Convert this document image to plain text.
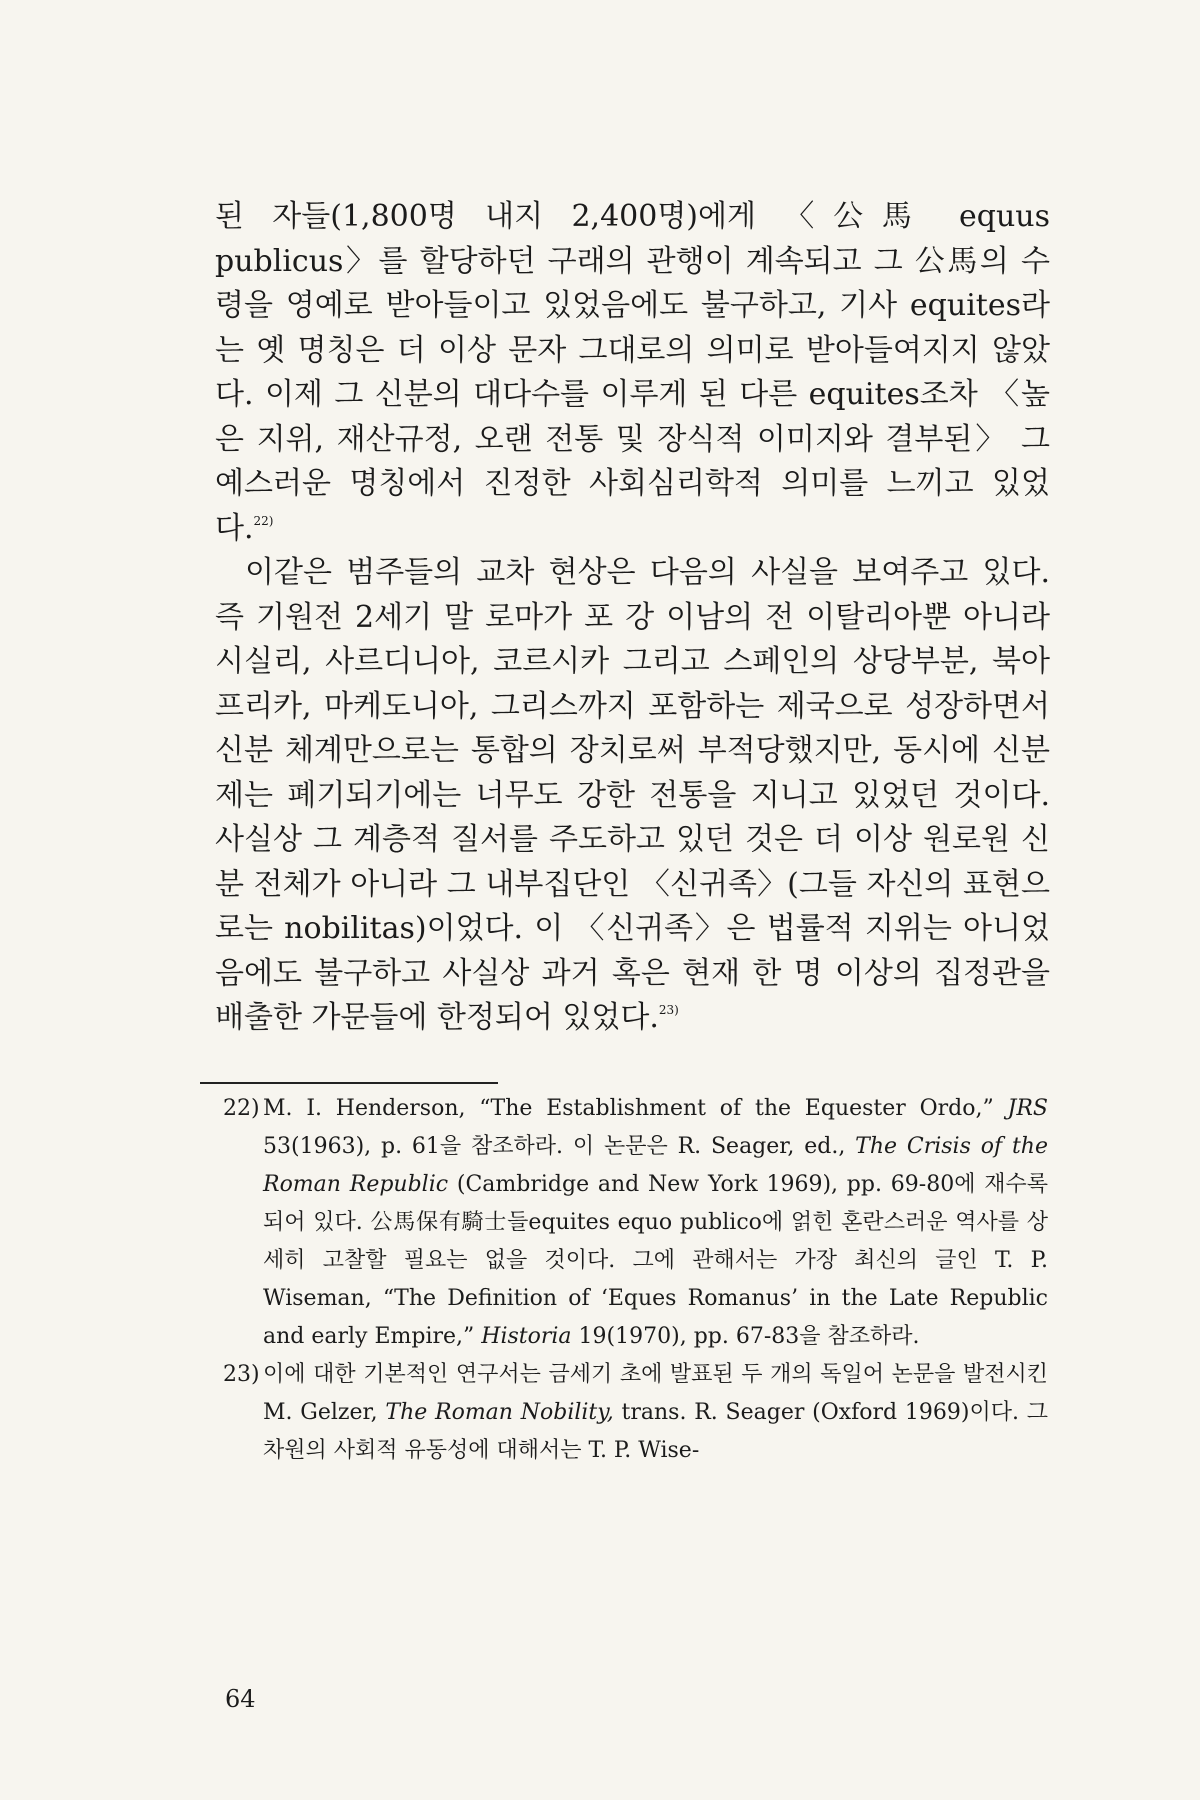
된 자들(1,800명 내지 2,400명)에게 〈公馬 equus publicus〉를 할당하던 구래의 관행이 계속되고 그 公馬의 수령을 영예로 받아들이고 있었음에도 불구하고, 기사 equites라는 옛 명칭은 더 이상 문자 그대로의 의미로 받아들여지지 않았다. 이제 그 신분의 대다수를 이루게 된 다른 equites조차 〈높은 지위, 재산규정, 오랜 전통 및 장식적 이미지와 결부된〉 그 예스러운 명칭에서 진정한 사회심리학적 의미를 느끼고 있었다.$^{22)}$

이같은 범주들의 교차 현상은 다음의 사실을 보여주고 있다. 즉 기원전 2세기 말 로마가 포 강 이남의 전 이탈리아뿐 아니라 시실리, 사르디니아, 코르시카 그리고 스페인의 상당부분, 북아프리카, 마케도니아, 그리스까지 포함하는 제국으로 성장하면서 신분 체계만으로는 통합의 장치로써 부적당했지만, 동시에 신분제는 폐기되기에는 너무도 강한 전통을 지니고 있었던 것이다. 사실상 그 계층적 질서를 주도하고 있던 것은 더 이상 원로원 신분 전체가 아니라 그 내부집단인 〈신귀족〉(그들 자신의 표현으로는 nobilitas)이었다. 이 〈신귀족〉은 법률적 지위는 아니었음에도 불구하고 사실상 과거 혹은 현재 한 명 이상의 집정관을 배출한 가문들에 한정되어 있었다.$^{23)}$

22) M. I. Henderson, “The Establishment of the Equester Ordo,” JRS 53(1963), p. 61을 참조하라. 이 논문은 R. Seager, ed., The Crisis of the Roman Republic (Cambridge and New York 1969), pp. 69-80에 재수록되어 있다. 公馬保有騎士들equites equo publico에 얽힌 혼란스러운 역사를 상세히 고찰할 필요는 없을 것이다. 그에 관해서는 가장 최신의 글인 T. P. Wiseman, “The Definition of ‘Eques Romanus’ in the Late Republic and early Empire,” Historia 19(1970), pp. 67-83을 참조하라.
23) 이에 대한 기본적인 연구서는 금세기 초에 발표된 두 개의 독일어 논문을 발전시킨 M. Gelzer, The Roman Nobility, trans. R. Seager (Oxford 1969)이다. 그 차원의 사회적 유동성에 대해서는 T. P. Wise-
64
